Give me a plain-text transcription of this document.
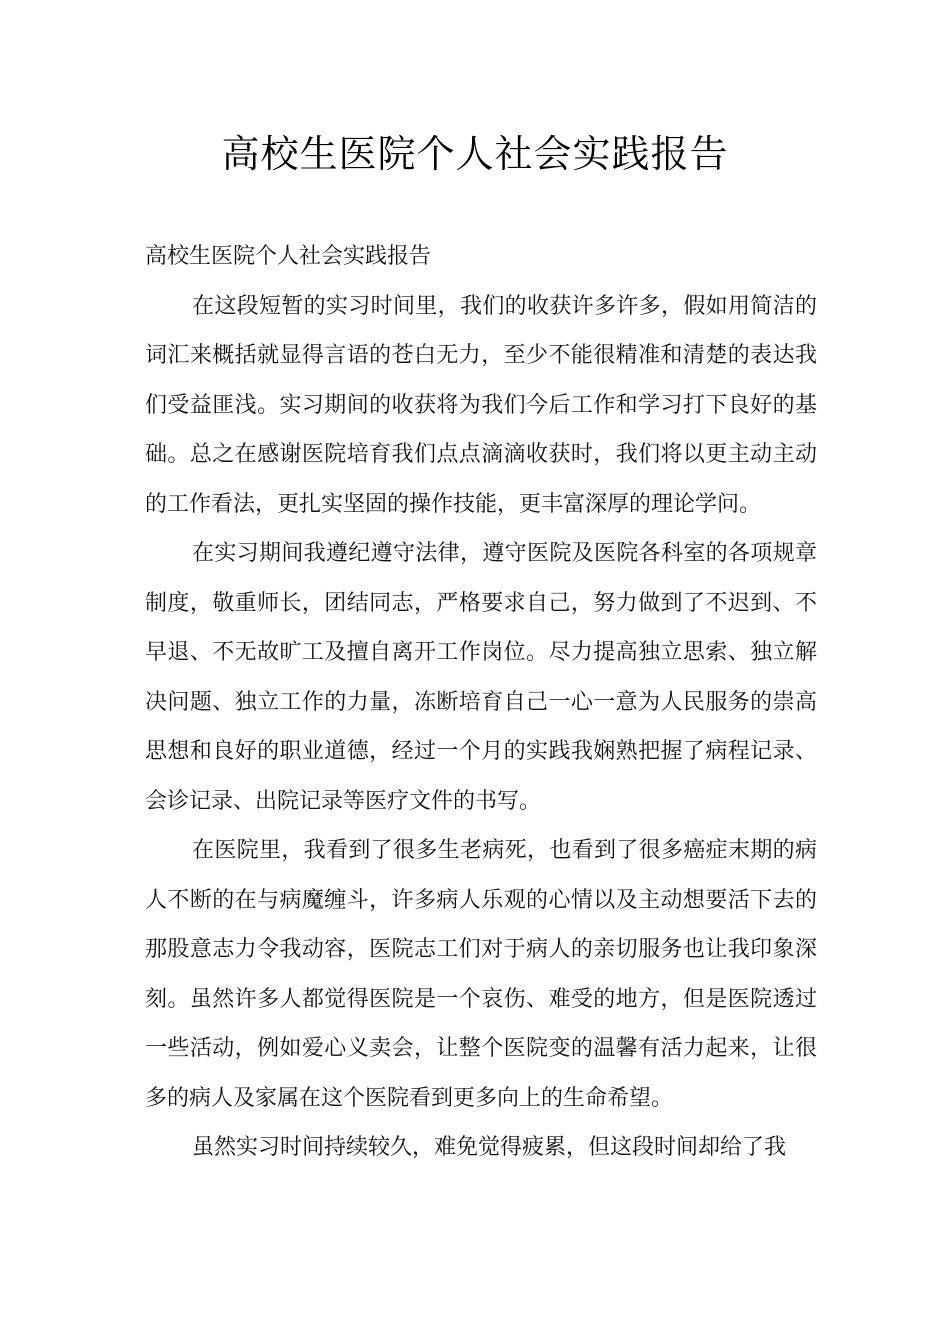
高校生医院个人社会实践报告

高校生医院个人社会实践报告

在这段短暂的实习时间里，我们的收获许多许多，假如用简洁的词汇来概括就显得言语的苍白无力，至少不能很精准和清楚的表达我们受益匪浅。实习期间的收获将为我们今后工作和学习打下良好的基础。总之在感谢医院培育我们点点滴滴收获时，我们将以更主动主动的工作看法，更扎实坚固的操作技能，更丰富深厚的理论学问。

在实习期间我遵纪遵守法律，遵守医院及医院各科室的各项规章制度，敬重师长，团结同志，严格要求自己，努力做到了不迟到、不早退、不无故旷工及擅自离开工作岗位。尽力提高独立思索、独立解决问题、独立工作的力量，冻断培育自己一心一意为人民服务的崇高思想和良好的职业道德，经过一个月的实践我娴熟把握了病程记录、会诊记录、出院记录等医疗文件的书写。

在医院里，我看到了很多生老病死，也看到了很多癌症末期的病人不断的在与病魔缠斗，许多病人乐观的心情以及主动想要活下去的那股意志力令我动容，医院志工们对于病人的亲切服务也让我印象深刻。虽然许多人都觉得医院是一个哀伤、难受的地方，但是医院透过一些活动，例如爱心义卖会，让整个医院变的温馨有活力起来，让很多的病人及家属在这个医院看到更多向上的生命希望。

虽然实习时间持续较久，难免觉得疲累，但这段时间却给了我
